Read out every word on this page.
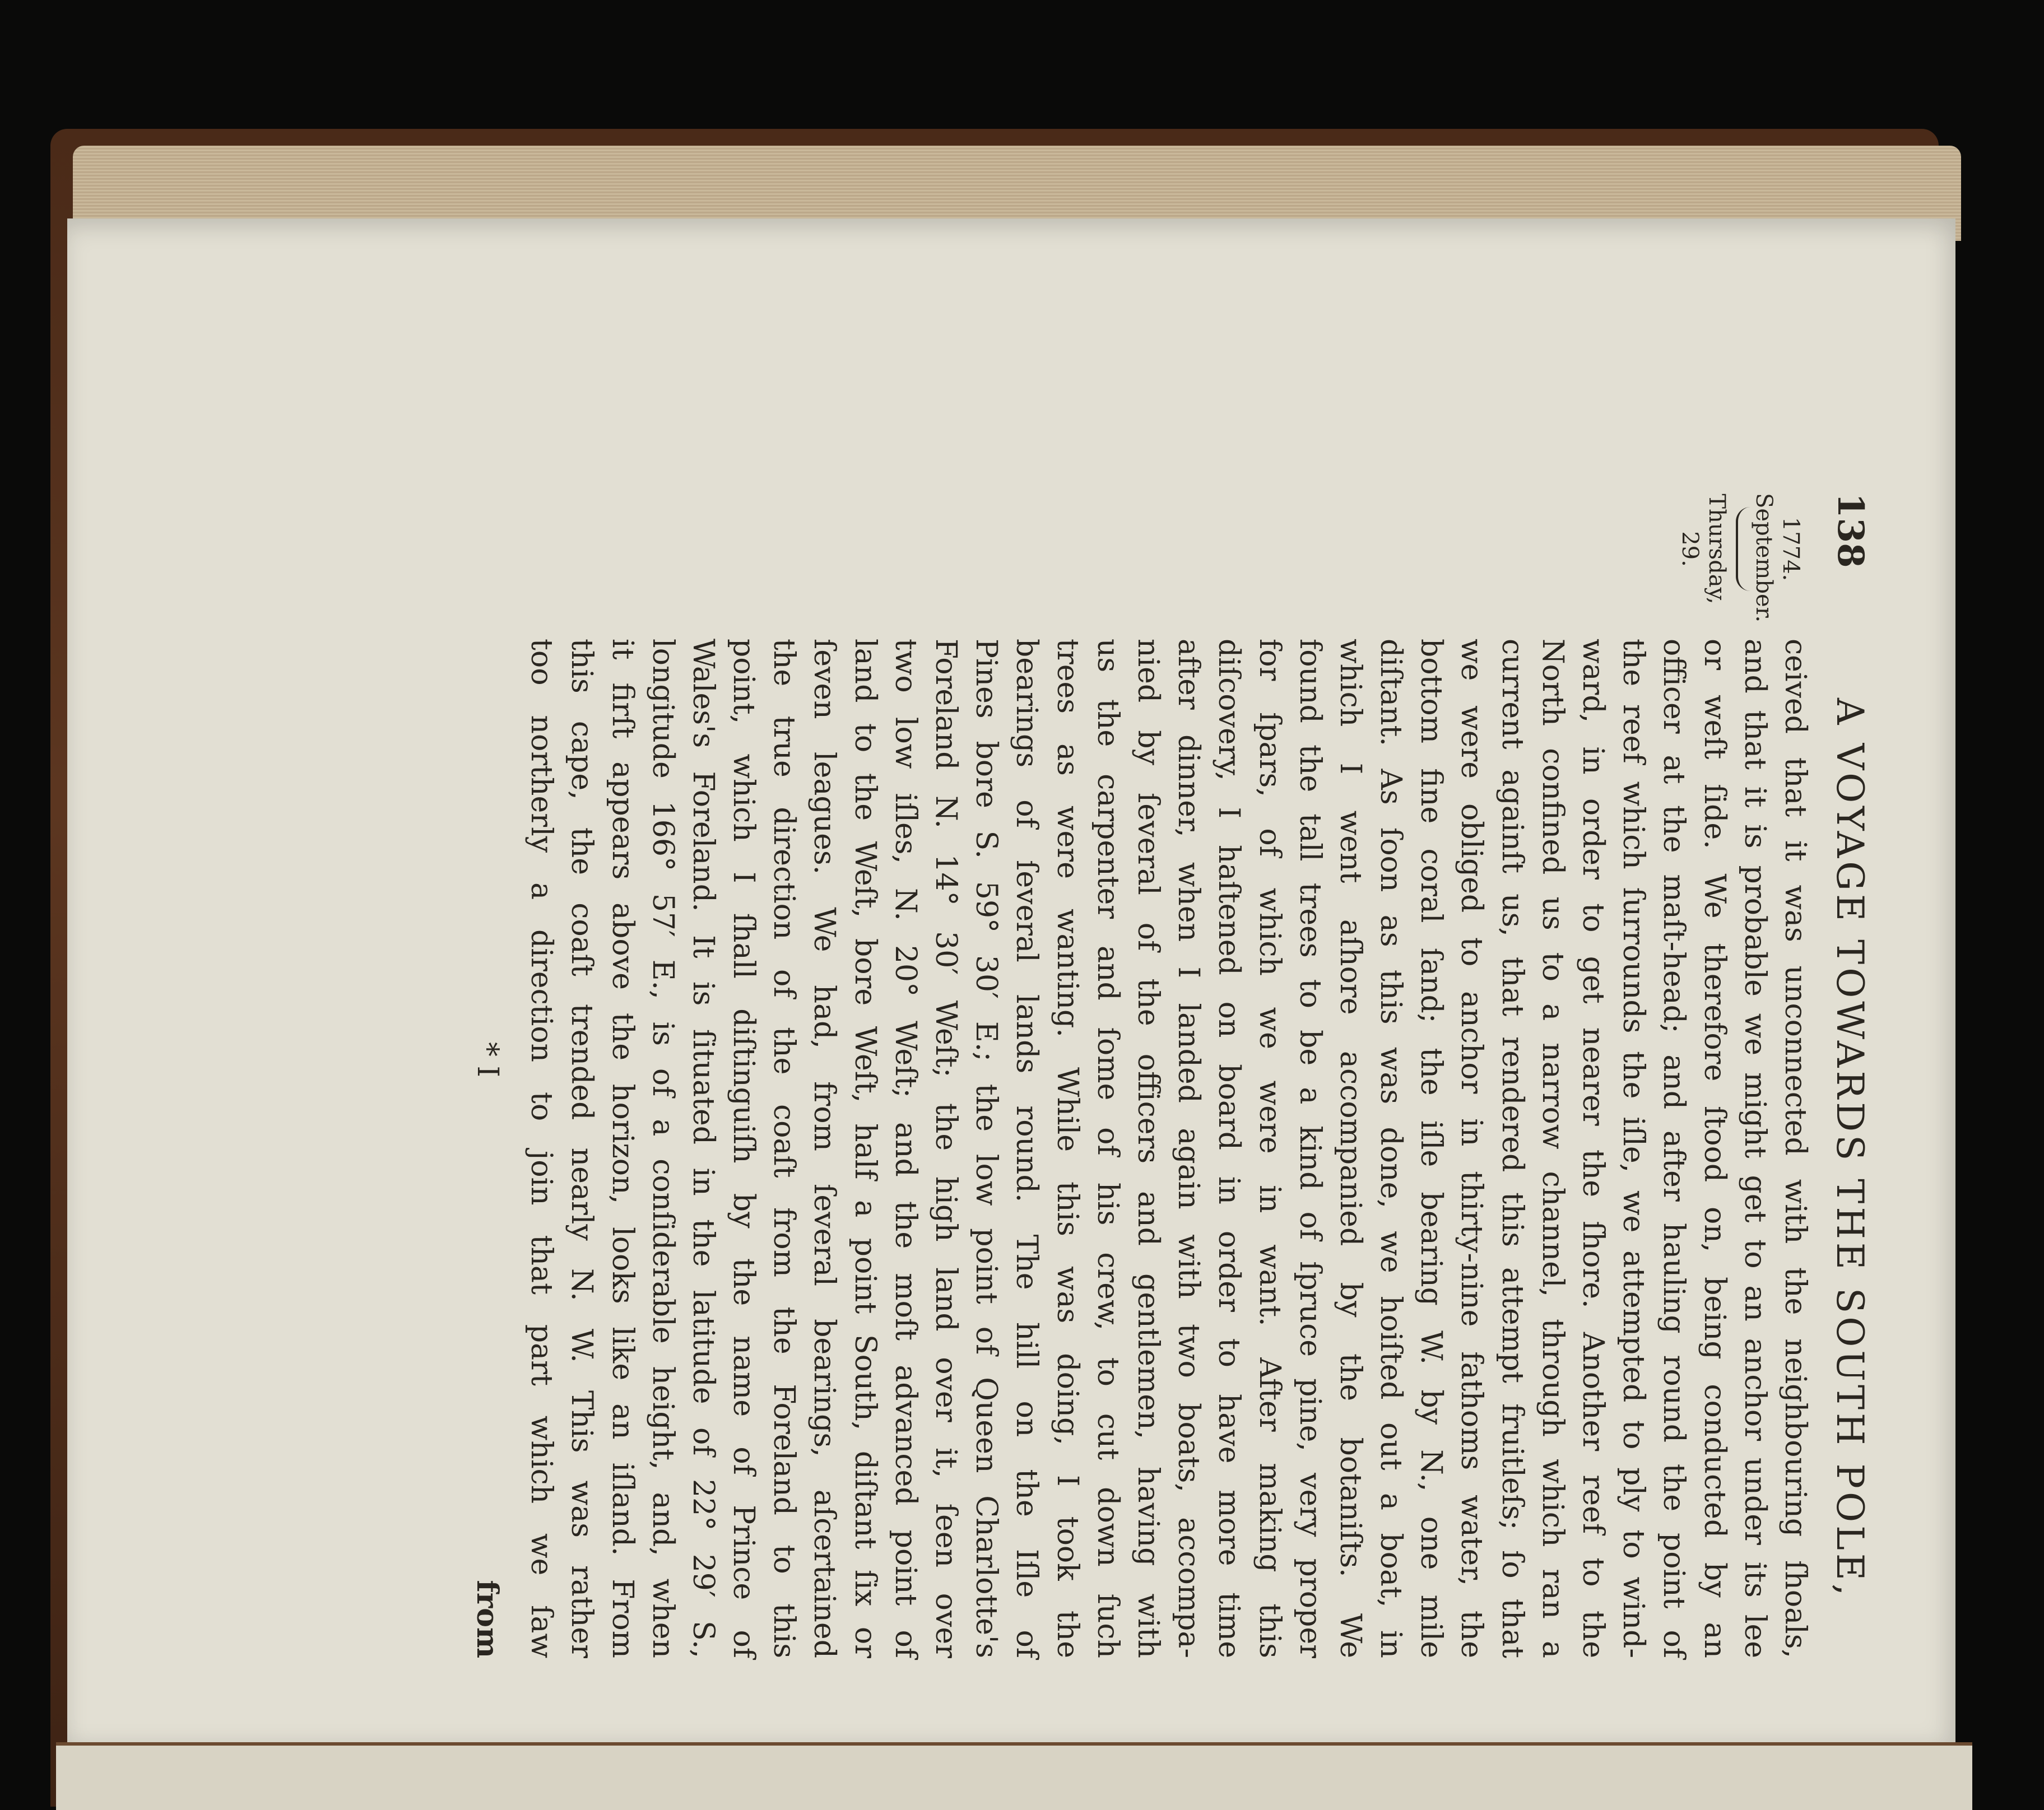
138
A VOYAGE TOWARDS THE SOUTH POLE,
1774.
September.
Thursday, 29.
ceived that it was unconnected with the neighbouring ſhoals,
and that it is probable we might get to an anchor under its lee
or weſt ſide. We therefore ſtood on, being conducted by an
officer at the maſt-head; and after hauling round the point of
the reef which ſurrounds the iſle, we attempted to ply to wind-
ward, in order to get nearer the ſhore. Another reef to the
North confined us to a narrow channel, through which ran a
current againſt us, that rendered this attempt fruitleſs; ſo that
we were obliged to anchor in thirty-nine fathoms water, the
bottom fine coral ſand; the iſle bearing W. by N., one mile
diſtant. As ſoon as this was done, we hoiſted out a boat, in
which I went aſhore accompanied by the botaniſts. We
found the tall trees to be a kind of ſpruce pine, very proper
for ſpars, of which we were in want. After making this
diſcovery, I haſtened on board in order to have more time
after dinner, when I landed again with two boats, accompa-
nied by ſeveral of the officers and gentlemen, having with
us the carpenter and ſome of his crew, to cut down ſuch
trees as were wanting. While this was doing, I took the
bearings of ſeveral lands round. The hill on the Iſle of
Pines bore S. 59° 30′ E.; the low point of Queen Charlotte's
Foreland N. 14° 30′ Weſt; the high land over it, ſeen over
two low iſles, N. 20° Weſt; and the moſt advanced point of
land to the Weſt, bore Weſt, half a point South, diſtant ſix or
ſeven leagues. We had, from ſeveral bearings, aſcertained
the true direction of the coaſt from the Foreland to this
point, which I ſhall diſtinguiſh by the name of Prince of
Wales's Foreland. It is ſituated in the latitude of 22° 29′ S.,
longitude 166° 57′ E., is of a conſiderable height, and, when
it firſt appears above the horizon, looks like an iſland. From
this cape, the coaſt trended nearly N. W. This was rather
too northerly a direction to join that part which we ſaw
* I
from
